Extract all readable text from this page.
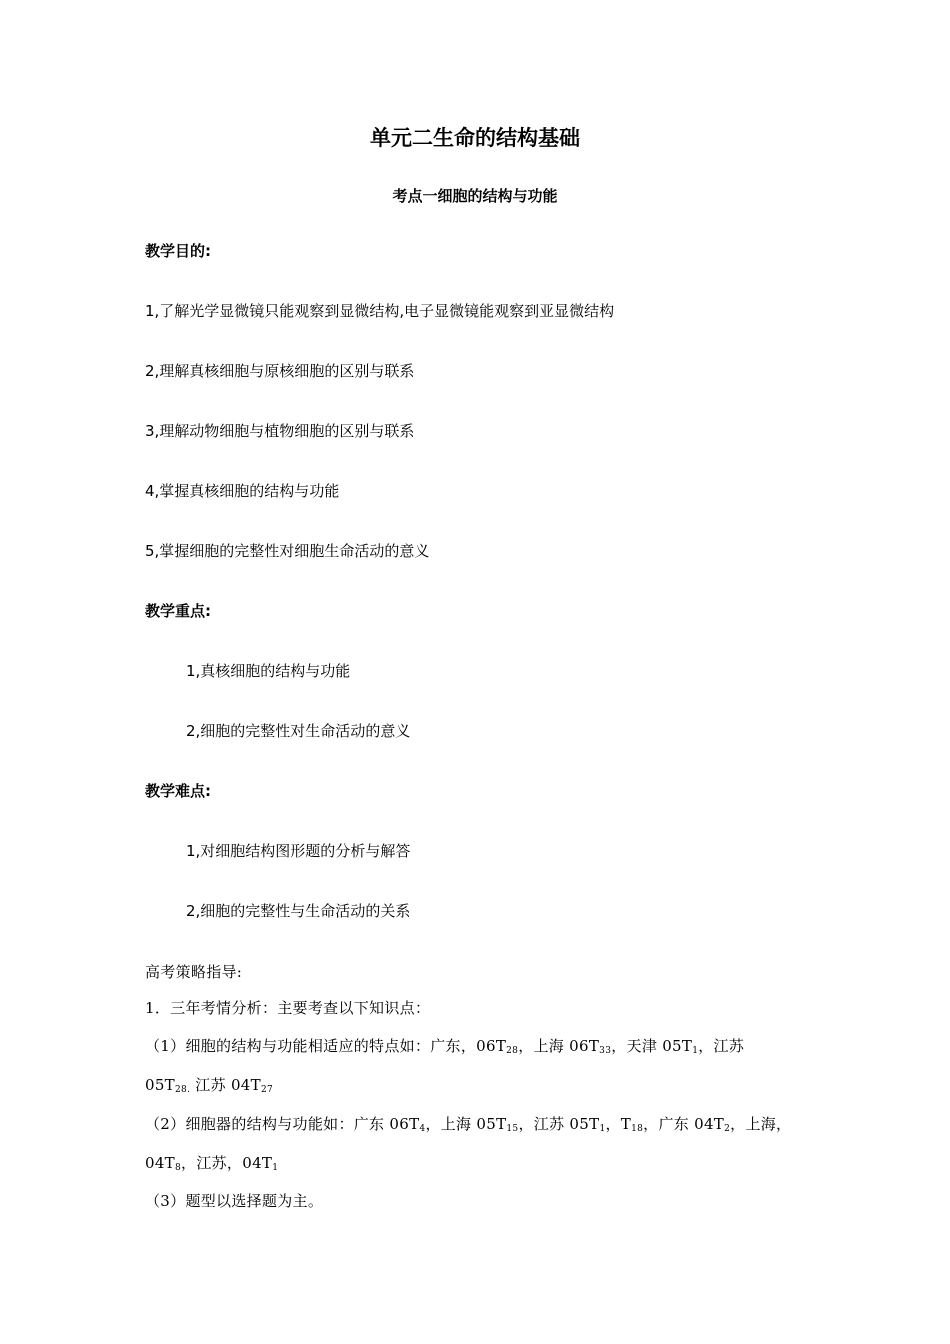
单元二生命的结构基础
考点一细胞的结构与功能
教学目的:
1,了解光学显微镜只能观察到显微结构,电子显微镜能观察到亚显微结构
2,理解真核细胞与原核细胞的区别与联系
3,理解动物细胞与植物细胞的区别与联系
4,掌握真核细胞的结构与功能
5,掌握细胞的完整性对细胞生命活动的意义
教学重点:
1,真核细胞的结构与功能
2,细胞的完整性对生命活动的意义
教学难点:
1,对细胞结构图形题的分析与解答
2,细胞的完整性与生命活动的关系
高考策略指导:
1．三年考情分析：主要考查以下知识点：
（1）细胞的结构与功能相适应的特点如：广东，$06T_{28}$，上海 $06T_{33}$，天津 $05T_1$，江苏
$05T_{28.}$ 江苏 $04T_{27}$
（2）细胞器的结构与功能如：广东 $06T_4$，上海 $05T_{15}$，江苏 $05T_1$，$T_{18}$，广东 $04T_2$，上海，
$04T_8$，江苏，$04T_1$
（3）题型以选择题为主。
